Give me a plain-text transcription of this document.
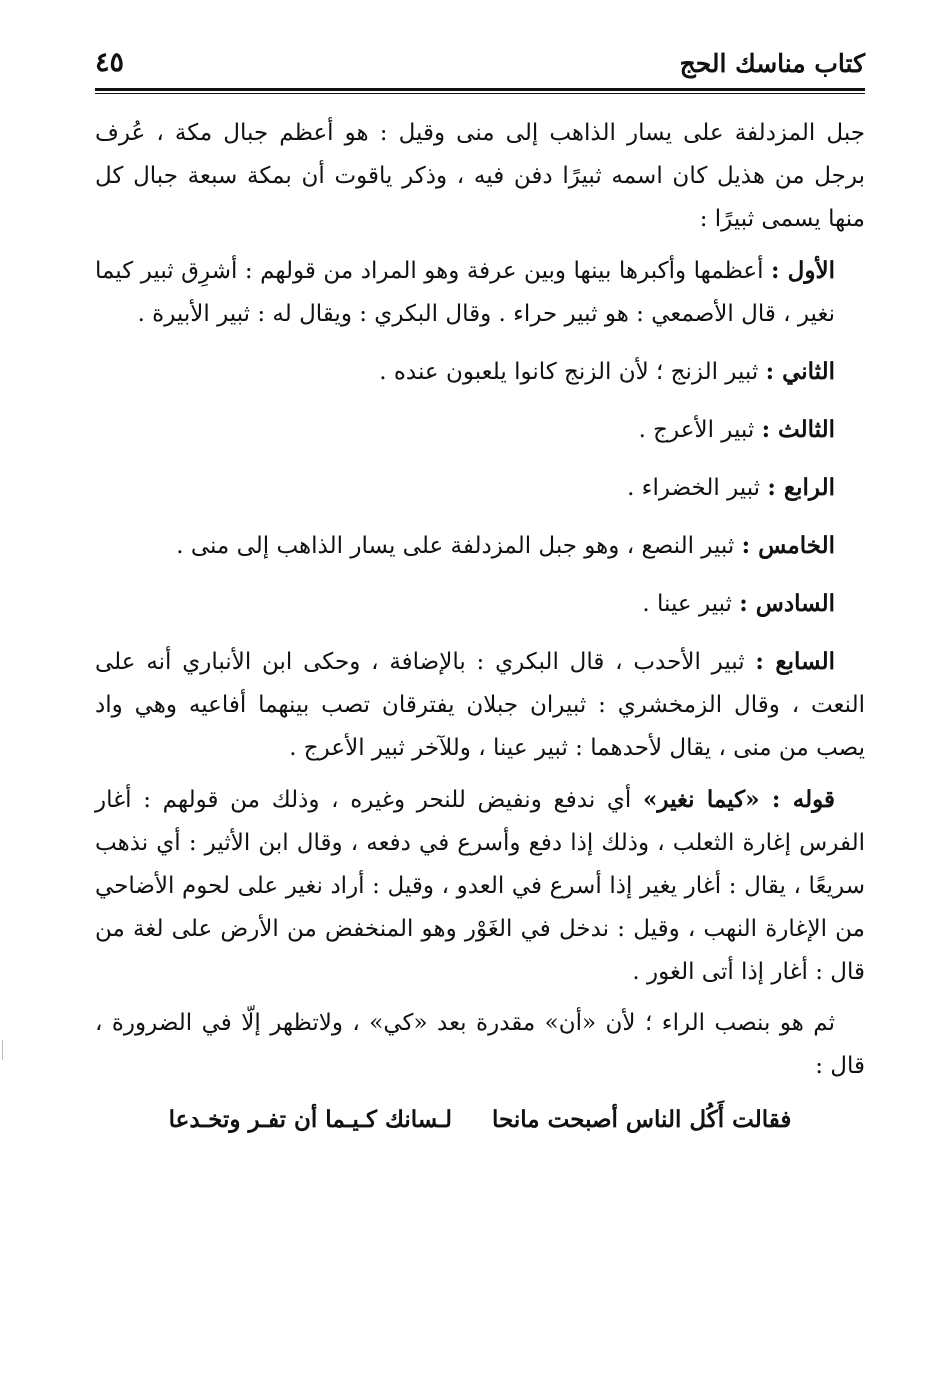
كتاب مناسك الحج
٤٥

جبل المزدلفة على يسار الذاهب إلى منى وقيل : هو أعظم جبال مكة ، عُرف برجل من هذيل كان اسمه ثبيرًا دفن فيه ، وذكر ياقوت أن بمكة سبعة جبال كل منها يسمى ثبيرًا :

الأول : أعظمها وأكبرها بينها وبين عرفة وهو المراد من قولهم : أشرِق ثبير كيما نغير ، قال الأصمعي : هو ثبير حراء . وقال البكري : ويقال له : ثبير الأبيرة .

الثاني : ثبير الزنج ؛ لأن الزنج كانوا يلعبون عنده .

الثالث : ثبير الأعرج .

الرابع : ثبير الخضراء .

الخامس : ثبير النصع ، وهو جبل المزدلفة على يسار الذاهب إلى منى .

السادس : ثبير عينا .

السابع : ثبير الأحدب ، قال البكري : بالإضافة ، وحكى ابن الأنباري أنه على النعت ، وقال الزمخشري : ثبيران جبلان يفترقان تصب بينهما أفاعيه وهي واد يصب من منى ، يقال لأحدهما : ثبير عينا ، وللآخر ثبير الأعرج .

قوله : «كيما نغير» أي ندفع ونفيض للنحر وغيره ، وذلك من قولهم : أغار الفرس إغارة الثعلب ، وذلك إذا دفع وأسرع في دفعه ، وقال ابن الأثير : أي نذهب سريعًا ، يقال : أغار يغير إذا أسرع في العدو ، وقيل : أراد نغير على لحوم الأضاحي من الإغارة النهب ، وقيل : ندخل في الغَوْر وهو المنخفض من الأرض على لغة من قال : أغار إذا أتى الغور .

ثم هو بنصب الراء ؛ لأن «أن» مقدرة بعد «كي» ، ولاتظهر إلّا في الضرورة ، قال :

فقالت أَكُل الناس أصبحت مانحا
لـسانك كـيـما أن تفـر وتخـدعا
